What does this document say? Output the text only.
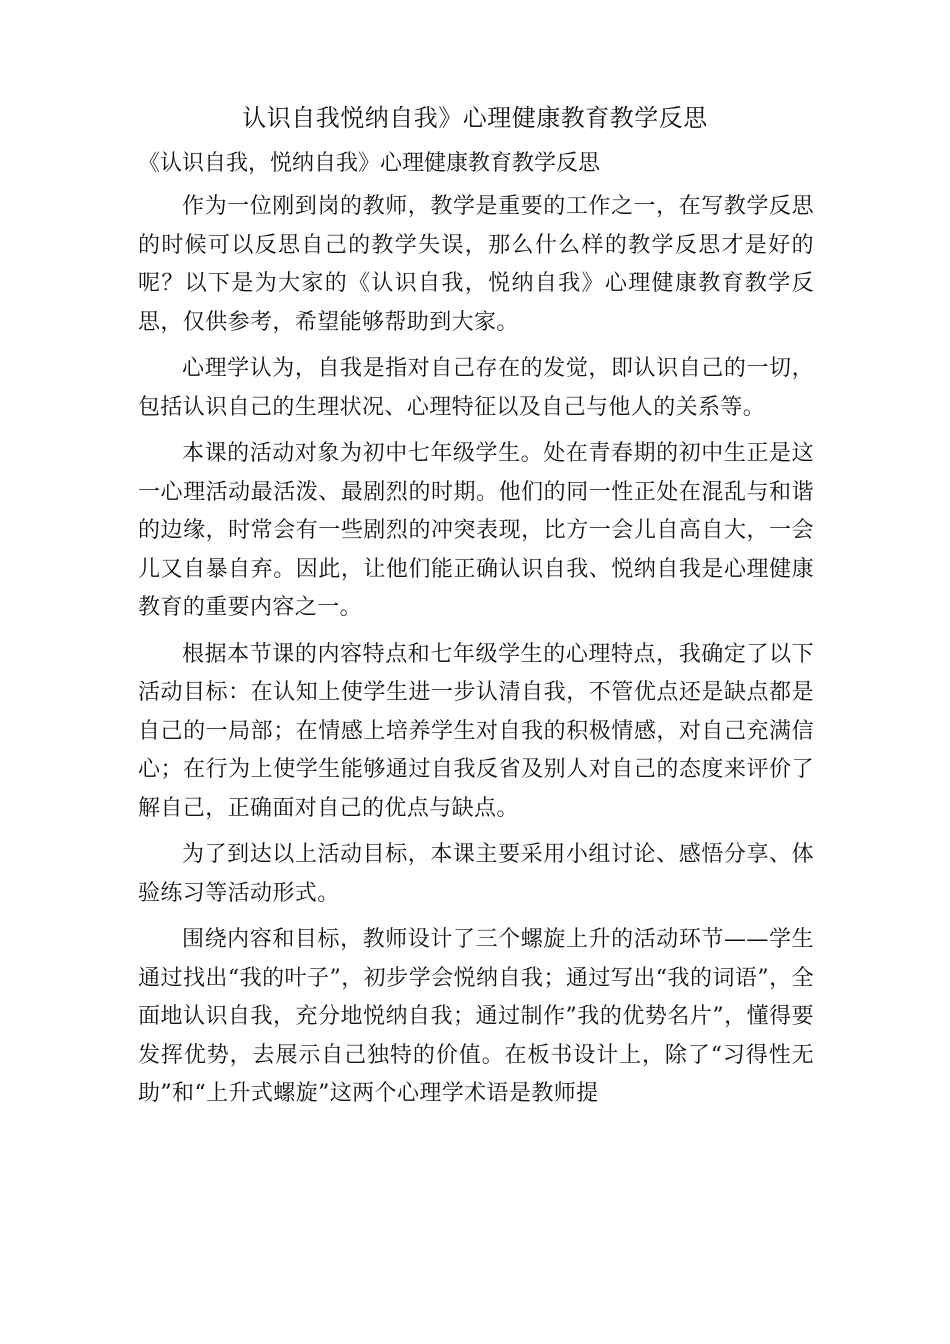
认识自我悦纳自我》心理健康教育教学反思

《认识自我，悦纳自我》心理健康教育教学反思

作为一位刚到岗的教师，教学是重要的工作之一，在写教学反思的时候可以反思自己的教学失误，那么什么样的教学反思才是好的呢？以下是为大家的《认识自我，悦纳自我》心理健康教育教学反思，仅供参考，希望能够帮助到大家。

心理学认为，自我是指对自己存在的发觉，即认识自己的一切，包括认识自己的生理状况、心理特征以及自己与他人的关系等。

本课的活动对象为初中七年级学生。处在青春期的初中生正是这一心理活动最活泼、最剧烈的时期。他们的同一性正处在混乱与和谐的边缘，时常会有一些剧烈的冲突表现，比方一会儿自高自大，一会儿又自暴自弃。因此，让他们能正确认识自我、悦纳自我是心理健康教育的重要内容之一。

根据本节课的内容特点和七年级学生的心理特点，我确定了以下活动目标：在认知上使学生进一步认清自我，不管优点还是缺点都是自己的一局部；在情感上培养学生对自我的积极情感，对自己充满信心；在行为上使学生能够通过自我反省及别人对自己的态度来评价了解自己，正确面对自己的优点与缺点。

为了到达以上活动目标，本课主要采用小组讨论、感悟分享、体验练习等活动形式。

围绕内容和目标，教师设计了三个螺旋上升的活动环节——学生通过找出“我的叶子”，初步学会悦纳自我；通过写出“我的词语”，全面地认识自我，充分地悦纳自我；通过制作”我的优势名片”，懂得要发挥优势，去展示自己独特的价值。在板书设计上，除了“习得性无助”和“上升式螺旋”这两个心理学术语是教师提
